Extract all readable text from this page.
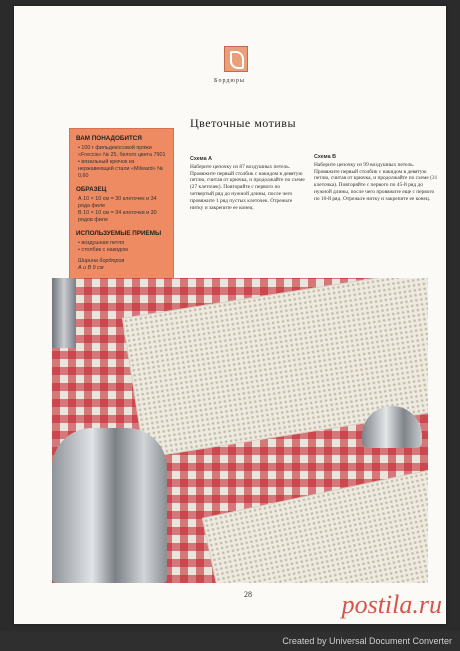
Бордюры
Цветочные мотивы
ВАМ ПОНАДОБИТСЯ
• 100 г фильдекосовой пряжи «Freccia» № 25, белого цвета 7901
• вязальный крючок из нержавеющей стали «Milward» № 0,60
ОБРАЗЕЦ
А 10 × 10 см = 30 клеточек и 34 ряда филе
В 10 × 10 см = 34 клеточки и 30 рядов филе
ИСПОЛЬЗУЕМЫЕ ПРИЕМЫ
• воздушная петля
• столбик с накидом
Ширина бордюров
А и В 9 см
Схема А
Наберите цепочку из 87 воздушных петель. Провяжите первый столбик с накидом в девятую петлю, считая от крючка, и продолжайте по схеме (27 клеточек). Повторяйте с первого по четвертый ряд до нужной длины, после чего провяжите 1 ряд пустых клеточек. Отрежьте нитку и закрепите ее конец.
Схема В
Наберите цепочку из 99 воздушных петель. Провяжите первый столбик с накидом в девятую петлю, считая от крючка, и продолжайте по схеме (31 клеточка). Повторяйте с первого по 45-й ряд до нужной длины, после чего провяжите еще с первого по 10-й ряд. Отрежьте нитку и закрепите ее конец.
28	postila.ru
Created by Universal Document Converter
